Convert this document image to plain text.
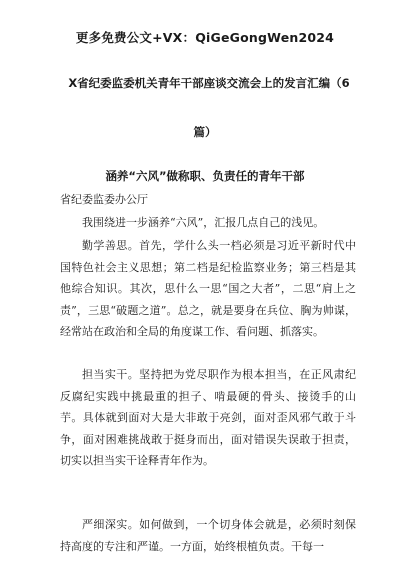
更多免费公文+VX：QiGeGongWen2024
X省纪委监委机关青年干部座谈交流会上的发言汇编（6
篇）
涵养“六风”做称职、负责任的青年干部
省纪委监委办公厅

我围绕进一步涵养“六风”，汇报几点自己的浅见。

勤学善思。首先，学什么头一档必须是习近平新时代中国特色社会主义思想；第二档是纪检监察业务；第三档是其他综合知识。其次，思什么一思“国之大者”，二思“肩上之责”，三思“破题之道”。总之，就是要身在兵位、胸为帅谋，经常站在政治和全局的角度谋工作、看问题、抓落实。

担当实干。坚持把为党尽职作为根本担当，在正风肃纪反腐纪实践中挑最重的担子、啃最硬的骨头、接烫手的山芋。具体就到面对大是大非敢于亮剑，面对歪风邪气敢于斗争，面对困难挑战敢于挺身而出，面对错误失误敢于担责，切实以担当实干诠释青年作为。

严细深实。如何做到，一个切身体会就是，必须时刻保持高度的专注和严谨。一方面，始终根植负责。干每一
